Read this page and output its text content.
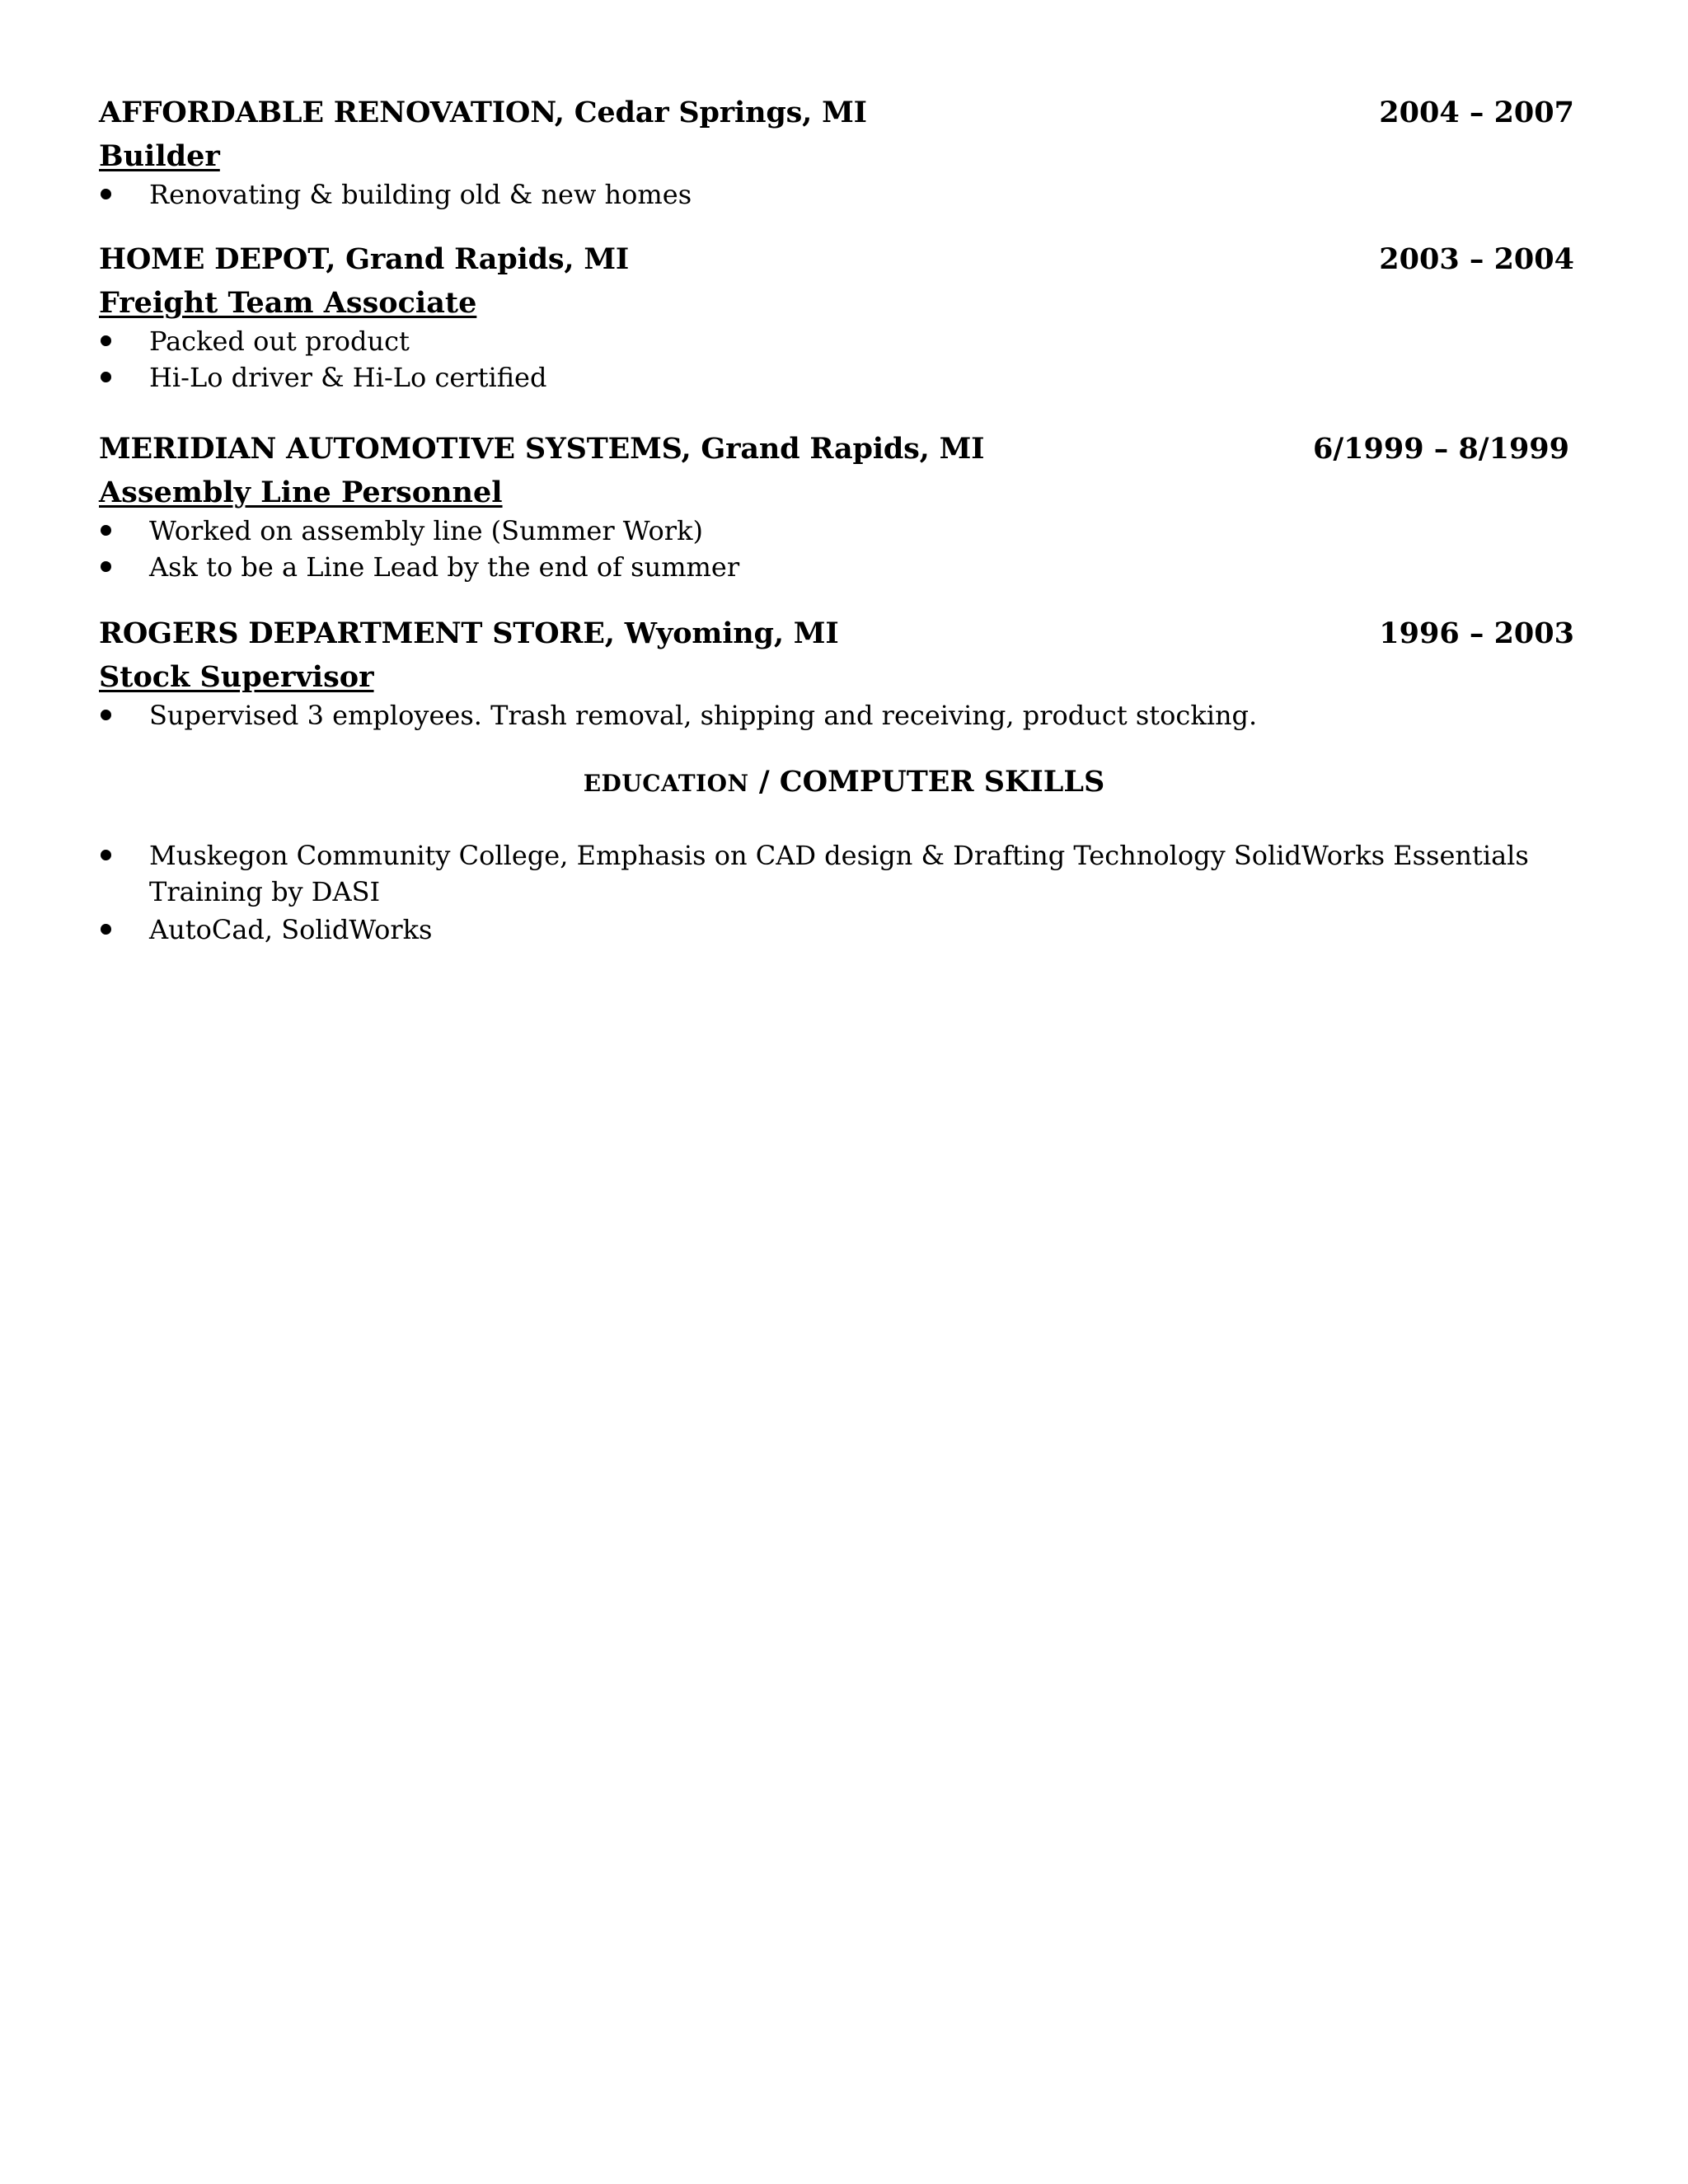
AFFORDABLE RENOVATION, Cedar Springs, MI	2004 – 2007
Builder
Renovating & building old & new homes
HOME DEPOT, Grand Rapids, MI	2003 – 2004
Freight Team Associate
Packed out product
Hi-Lo driver & Hi-Lo certified
MERIDIAN AUTOMOTIVE SYSTEMS, Grand Rapids, MI	6/1999 – 8/1999
Assembly Line Personnel
Worked on assembly line (Summer Work)
Ask to be a Line Lead by the end of summer
ROGERS DEPARTMENT STORE, Wyoming, MI	1996 – 2003
Stock Supervisor
Supervised 3 employees. Trash removal, shipping and receiving, product stocking.
EDUCATION / COMPUTER SKILLS
Muskegon Community College, Emphasis on CAD design & Drafting Technology SolidWorks Essentials Training by DASI
AutoCad, SolidWorks
